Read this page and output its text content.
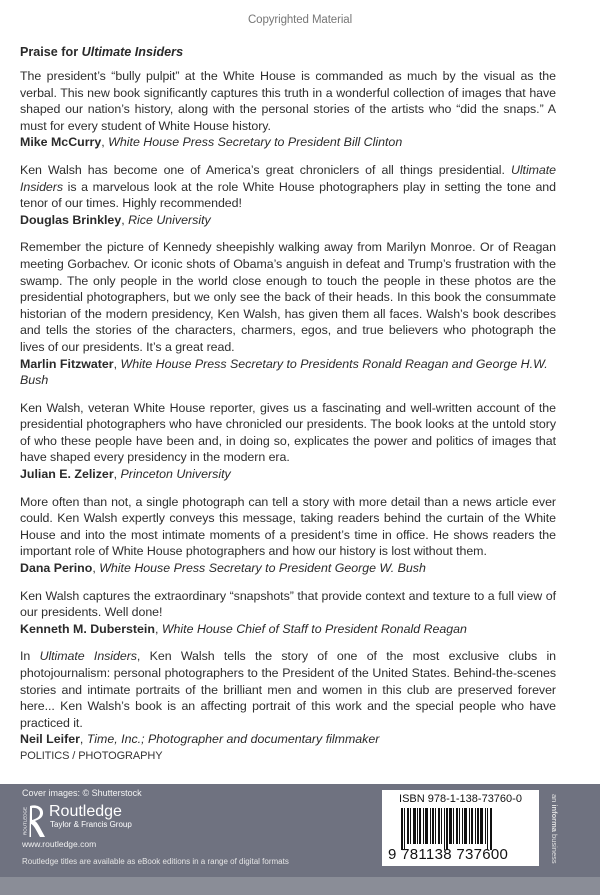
Copyrighted Material
Praise for Ultimate Insiders
The president’s “bully pulpit” at the White House is commanded as much by the visual as the verbal. This new book significantly captures this truth in a wonderful collection of images that have shaped our nation’s history, along with the personal stories of the artists who “did the snaps.” A must for every student of White House history.
Mike McCurry, White House Press Secretary to President Bill Clinton
Ken Walsh has become one of America’s great chroniclers of all things presidential. Ultimate Insiders is a marvelous look at the role White House photographers play in setting the tone and tenor of our times. Highly recommended!
Douglas Brinkley, Rice University
Remember the picture of Kennedy sheepishly walking away from Marilyn Monroe. Or of Reagan meeting Gorbachev. Or iconic shots of Obama’s anguish in defeat and Trump’s frustration with the swamp. The only people in the world close enough to touch the people in these photos are the presidential photographers, but we only see the back of their heads. In this book the consummate historian of the modern presidency, Ken Walsh, has given them all faces. Walsh’s book describes and tells the stories of the characters, charmers, egos, and true believers who photograph the lives of our presidents. It’s a great read.
Marlin Fitzwater, White House Press Secretary to Presidents Ronald Reagan and George H.W. Bush
Ken Walsh, veteran White House reporter, gives us a fascinating and well-written account of the presidential photographers who have chronicled our presidents. The book looks at the untold story of who these people have been and, in doing so, explicates the power and politics of images that have shaped every presidency in the modern era.
Julian E. Zelizer, Princeton University
More often than not, a single photograph can tell a story with more detail than a news article ever could. Ken Walsh expertly conveys this message, taking readers behind the curtain of the White House and into the most intimate moments of a president’s time in office. He shows readers the important role of White House photographers and how our history is lost without them.
Dana Perino, White House Press Secretary to President George W. Bush
Ken Walsh captures the extraordinary “snapshots” that provide context and texture to a full view of our presidents. Well done!
Kenneth M. Duberstein, White House Chief of Staff to President Ronald Reagan
In Ultimate Insiders, Ken Walsh tells the story of one of the most exclusive clubs in photojournalism: personal photographers to the President of the United States. Behind-the-scenes stories and intimate portraits of the brilliant men and women in this club are preserved forever here... Ken Walsh’s book is an affecting portrait of this work and the special people who have practiced it.
Neil Leifer, Time, Inc.; Photographer and documentary filmmaker
POLITICS / PHOTOGRAPHY
Cover images: © Shutterstock
ROUTLEDGE Routledge
Taylor & Francis Group
www.routledge.com
Routledge titles are available as eBook editions in a range of digital formats
ISBN 978-1-138-73760-0
9 781138 737600
an informa business
